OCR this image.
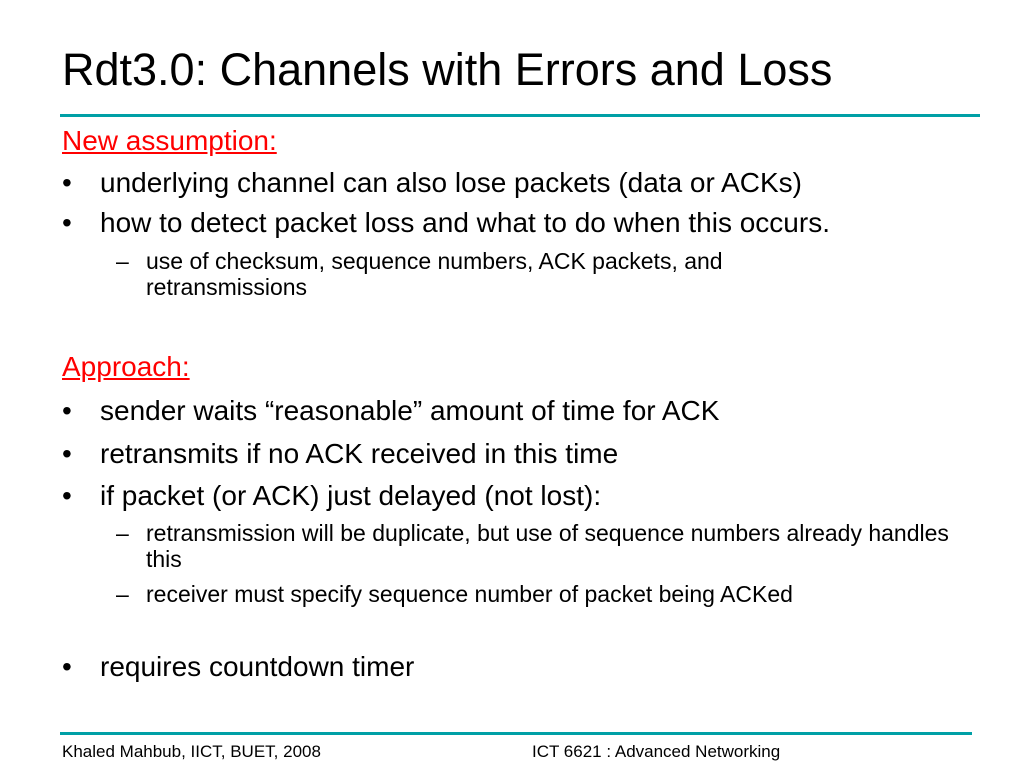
Rdt3.0: Channels with Errors and Loss
New assumption:
• underlying channel can also lose packets (data or ACKs)
• how to detect packet loss and what to do when this occurs.
– use of checksum, sequence numbers, ACK packets, and retransmissions
Approach:
• sender waits “reasonable” amount of time for ACK
• retransmits if no ACK received in this time
• if packet (or ACK) just delayed (not lost):
– retransmission will be duplicate, but use of sequence numbers already handles this
– receiver must specify sequence number of packet being ACKed
• requires countdown timer
Khaled Mahbub, IICT, BUET, 2008	ICT 6621 : Advanced Networking
